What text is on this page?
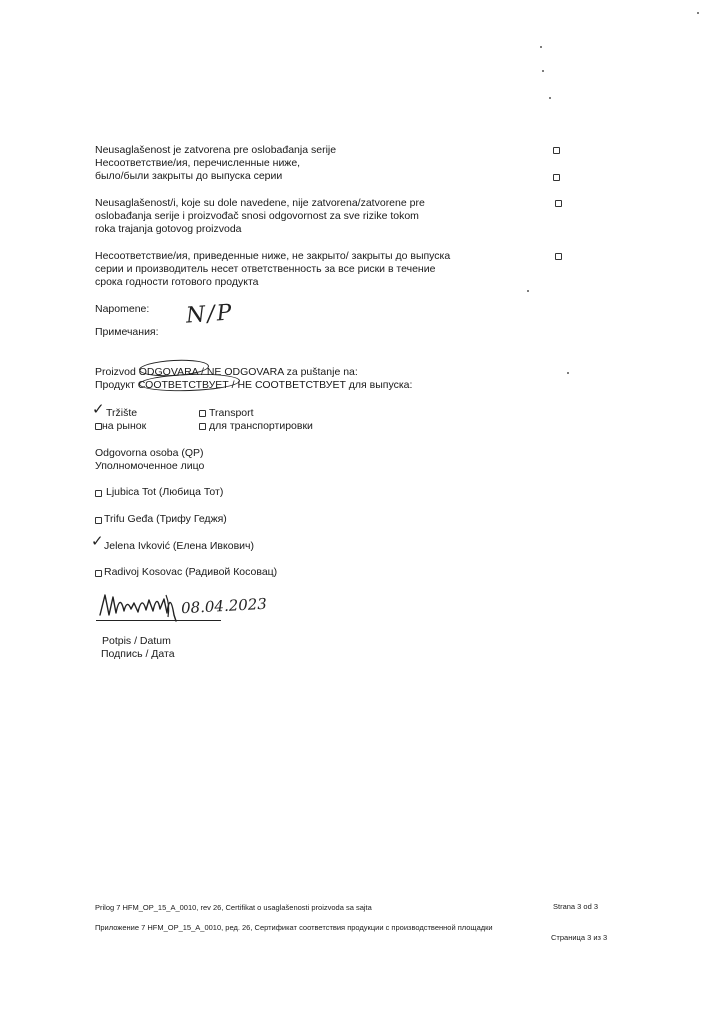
Neusaglašenost je zatvorena pre oslobađanja serije
Несоответствие/ия, перечисленные ниже,
было/были закрыты до выпуска серии
Neusaglašenost/i, koje su dole navedene, nije zatvorena/zatvorene pre
oslobađanja serije i proizvođač snosi odgovornost za sve rizike tokom
roka trajanja gotovog proizvoda
Несоответствие/ия, приведенные ниже, не закрыто/ закрыты до выпуска
серии и производитель несет ответственность за все риски в течение
срока годности готового продукта
Napomene:
Примечания:
N/P
Proizvod ODGOVARA / NE ODGOVARA za puštanje na:
Продукт СООТВЕТСТВУЕТ / НЕ СООТВЕТСТВУЕТ для выпуска:
✓ Tržište
на рынок
Transport
для транспортировки
Odgovorna osoba (QP)
Уполномоченное лицо
Ljubica Tot (Любица Тот)
Trifu Geđa (Трифу Геджя)
✓ Jelena Ivković (Елена Ивкович)
Radivoj Kosovac (Радивой Косовац)
08.04.2023
Potpis / Datum
Подпись / Дата
Prilog 7 HFM_OP_15_A_0010, rev 26, Certifikat o usaglašenosti proizvoda sa sajta	Strana 3 od 3
Приложение 7 HFM_OP_15_A_0010, ред. 26, Сертификат соответствия продукции с производственной площадки
Страница 3 из 3
